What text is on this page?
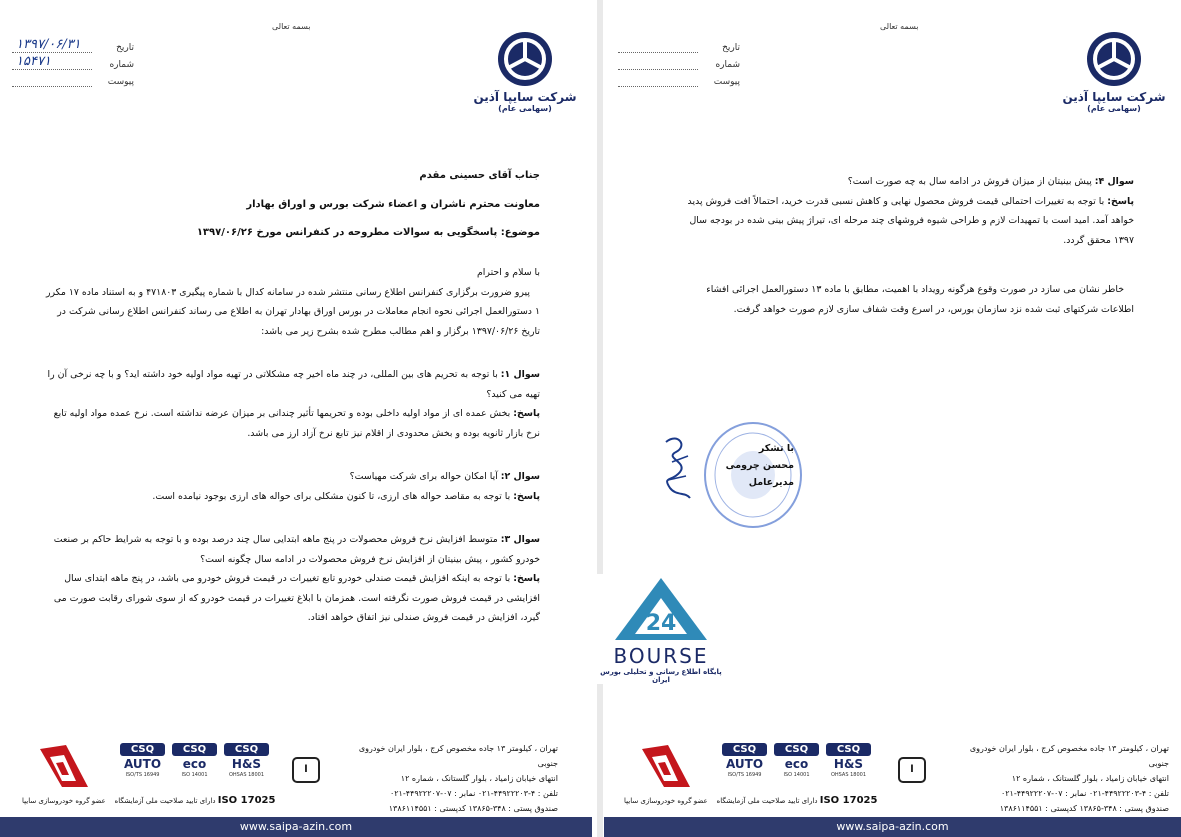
بسمه تعالی
شرکت سایپا آذین
(سهامی عام)
تاریخ
۱۳۹۷/۰۶/۳۱
شماره
۱۵۴۷۱
پیوست

جناب آقای حسینی مقدم

معاونت محترم ناشران و اعضاء شرکت بورس و اوراق بهادار

موضوع: پاسخگویی به سوالات مطروحه در کنفرانس مورخ ۱۳۹۷/۰۶/۲۶

با سلام و احترام

پیرو ضرورت برگزاری کنفرانس اطلاع رسانی منتشر شده در سامانه کدال با شماره پیگیری ۴۷۱۸۰۳ و به استناد ماده ۱۷ مکرر ۱ دستورالعمل اجرائی نحوه انجام معاملات در بورس اوراق بهادار تهران به اطلاع می رساند کنفرانس اطلاع رسانی شرکت در تاریخ ۱۳۹۷/۰۶/۲۶ برگزار و اهم مطالب مطرح شده بشرح زیر می باشد:

سوال ۱: با توجه به تحریم های بین المللی، در چند ماه اخیر چه مشکلاتی در تهیه مواد اولیه خود داشته اید؟ و با چه نرخی آن را تهیه می کنید؟

پاسخ: بخش عمده ای از مواد اولیه داخلی بوده و تحریمها تأثیر چندانی بر میزان عرضه نداشته است. نرخ عمده مواد اولیه تابع نرخ بازار ثانویه بوده و بخش محدودی از اقلام نیز تابع نرخ آزاد ارز می باشد.

سوال ۲: آیا امکان حواله برای شرکت مهیاست؟

پاسخ: با توجه به مقاصد حواله های ارزی، تا کنون مشکلی برای حواله های ارزی بوجود نیامده است.

سوال ۳: متوسط افزایش نرخ فروش محصولات در پنج ماهه ابتدایی سال چند درصد بوده و با توجه به شرایط حاکم بر صنعت خودرو کشور ، پیش بینیتان از افزایش نرخ فروش محصولات در ادامه سال چگونه است؟

پاسخ: با توجه به اینکه افزایش قیمت صندلی خودرو تابع تغییرات در قیمت فروش خودرو می باشد، در پنج ماهه ابتدای سال افزایشی در قیمت فروش صورت نگرفته است. همزمان با ابلاغ تغییرات در قیمت خودرو که از سوی شورای رقابت صورت می گیرد، افزایش در قیمت فروش صندلی نیز اتفاق خواهد افتاد.

تهران ، کیلومتر ۱۳ جاده مخصوص کرج ، بلوار ایران خودروی جنوبی
انتهای خیابان زامیاد ، بلوار گلستانک ، شماره ۱۲
تلفن : ۴-۴۴۹۲۲۲۰۳-۰۲۱ نمابر : ۰۷-۴۴۹۲۲۲۰۷-۰۲۱
صندوق پستی : ۳۴۸-۱۳۸۶۵ کدپستی : ۱۳۸۶۱۱۴۵۵۱
ا
CSQ
AUTO
ISO/TS 16949
CSQ
eco
ISO 14001
CSQ
H&S
OHSAS 18001
دارای تایید صلاحیت ملی آزمایشگاه ISO 17025
عضو گروه خودروسازی سایپا
www.saipa-azin.com
بسمه تعالی
شرکت سایپا آذین
(سهامی عام)
تاریخ
شماره
پیوست

سوال ۴: پیش بینیتان از میزان فروش در ادامه سال به چه صورت است؟

پاسخ: با توجه به تغییرات احتمالی قیمت فروش محصول نهایی و کاهش نسبی قدرت خرید، احتمالاً افت فروش پدید خواهد آمد. امید است با تمهیدات لازم و طراحی شیوه فروشهای چند مرحله ای، تیراژ پیش بینی شده در بودجه سال ۱۳۹۷ محقق گردد.

خاطر نشان می سازد در صورت وقوع هرگونه رویداد با اهمیت، مطابق با ماده ۱۳ دستورالعمل اجرائی افشاء اطلاعات شرکتهای ثبت شده نزد سازمان بورس، در اسرع وقت شفاف سازی لازم صورت خواهد گرفت.

با تشکر
محسن چرومی
مدیرعامل
تهران ، کیلومتر ۱۳ جاده مخصوص کرج ، بلوار ایران خودروی جنوبی
انتهای خیابان زامیاد ، بلوار گلستانک ، شماره ۱۲
تلفن : ۴-۴۴۹۲۲۲۰۳-۰۲۱ نمابر : ۰۷-۴۴۹۲۲۲۰۷-۰۲۱
صندوق پستی : ۳۴۸-۱۳۸۶۵ کدپستی : ۱۳۸۶۱۱۴۵۵۱
ا
CSQ
AUTO
ISO/TS 16949
CSQ
eco
ISO 14001
CSQ
H&S
OHSAS 18001
دارای تایید صلاحیت ملی آزمایشگاه ISO 17025
عضو گروه خودروسازی سایپا
www.saipa-azin.com
24
BOURSE
پایگاه اطلاع رسانی و تحلیلی بورس ایران
